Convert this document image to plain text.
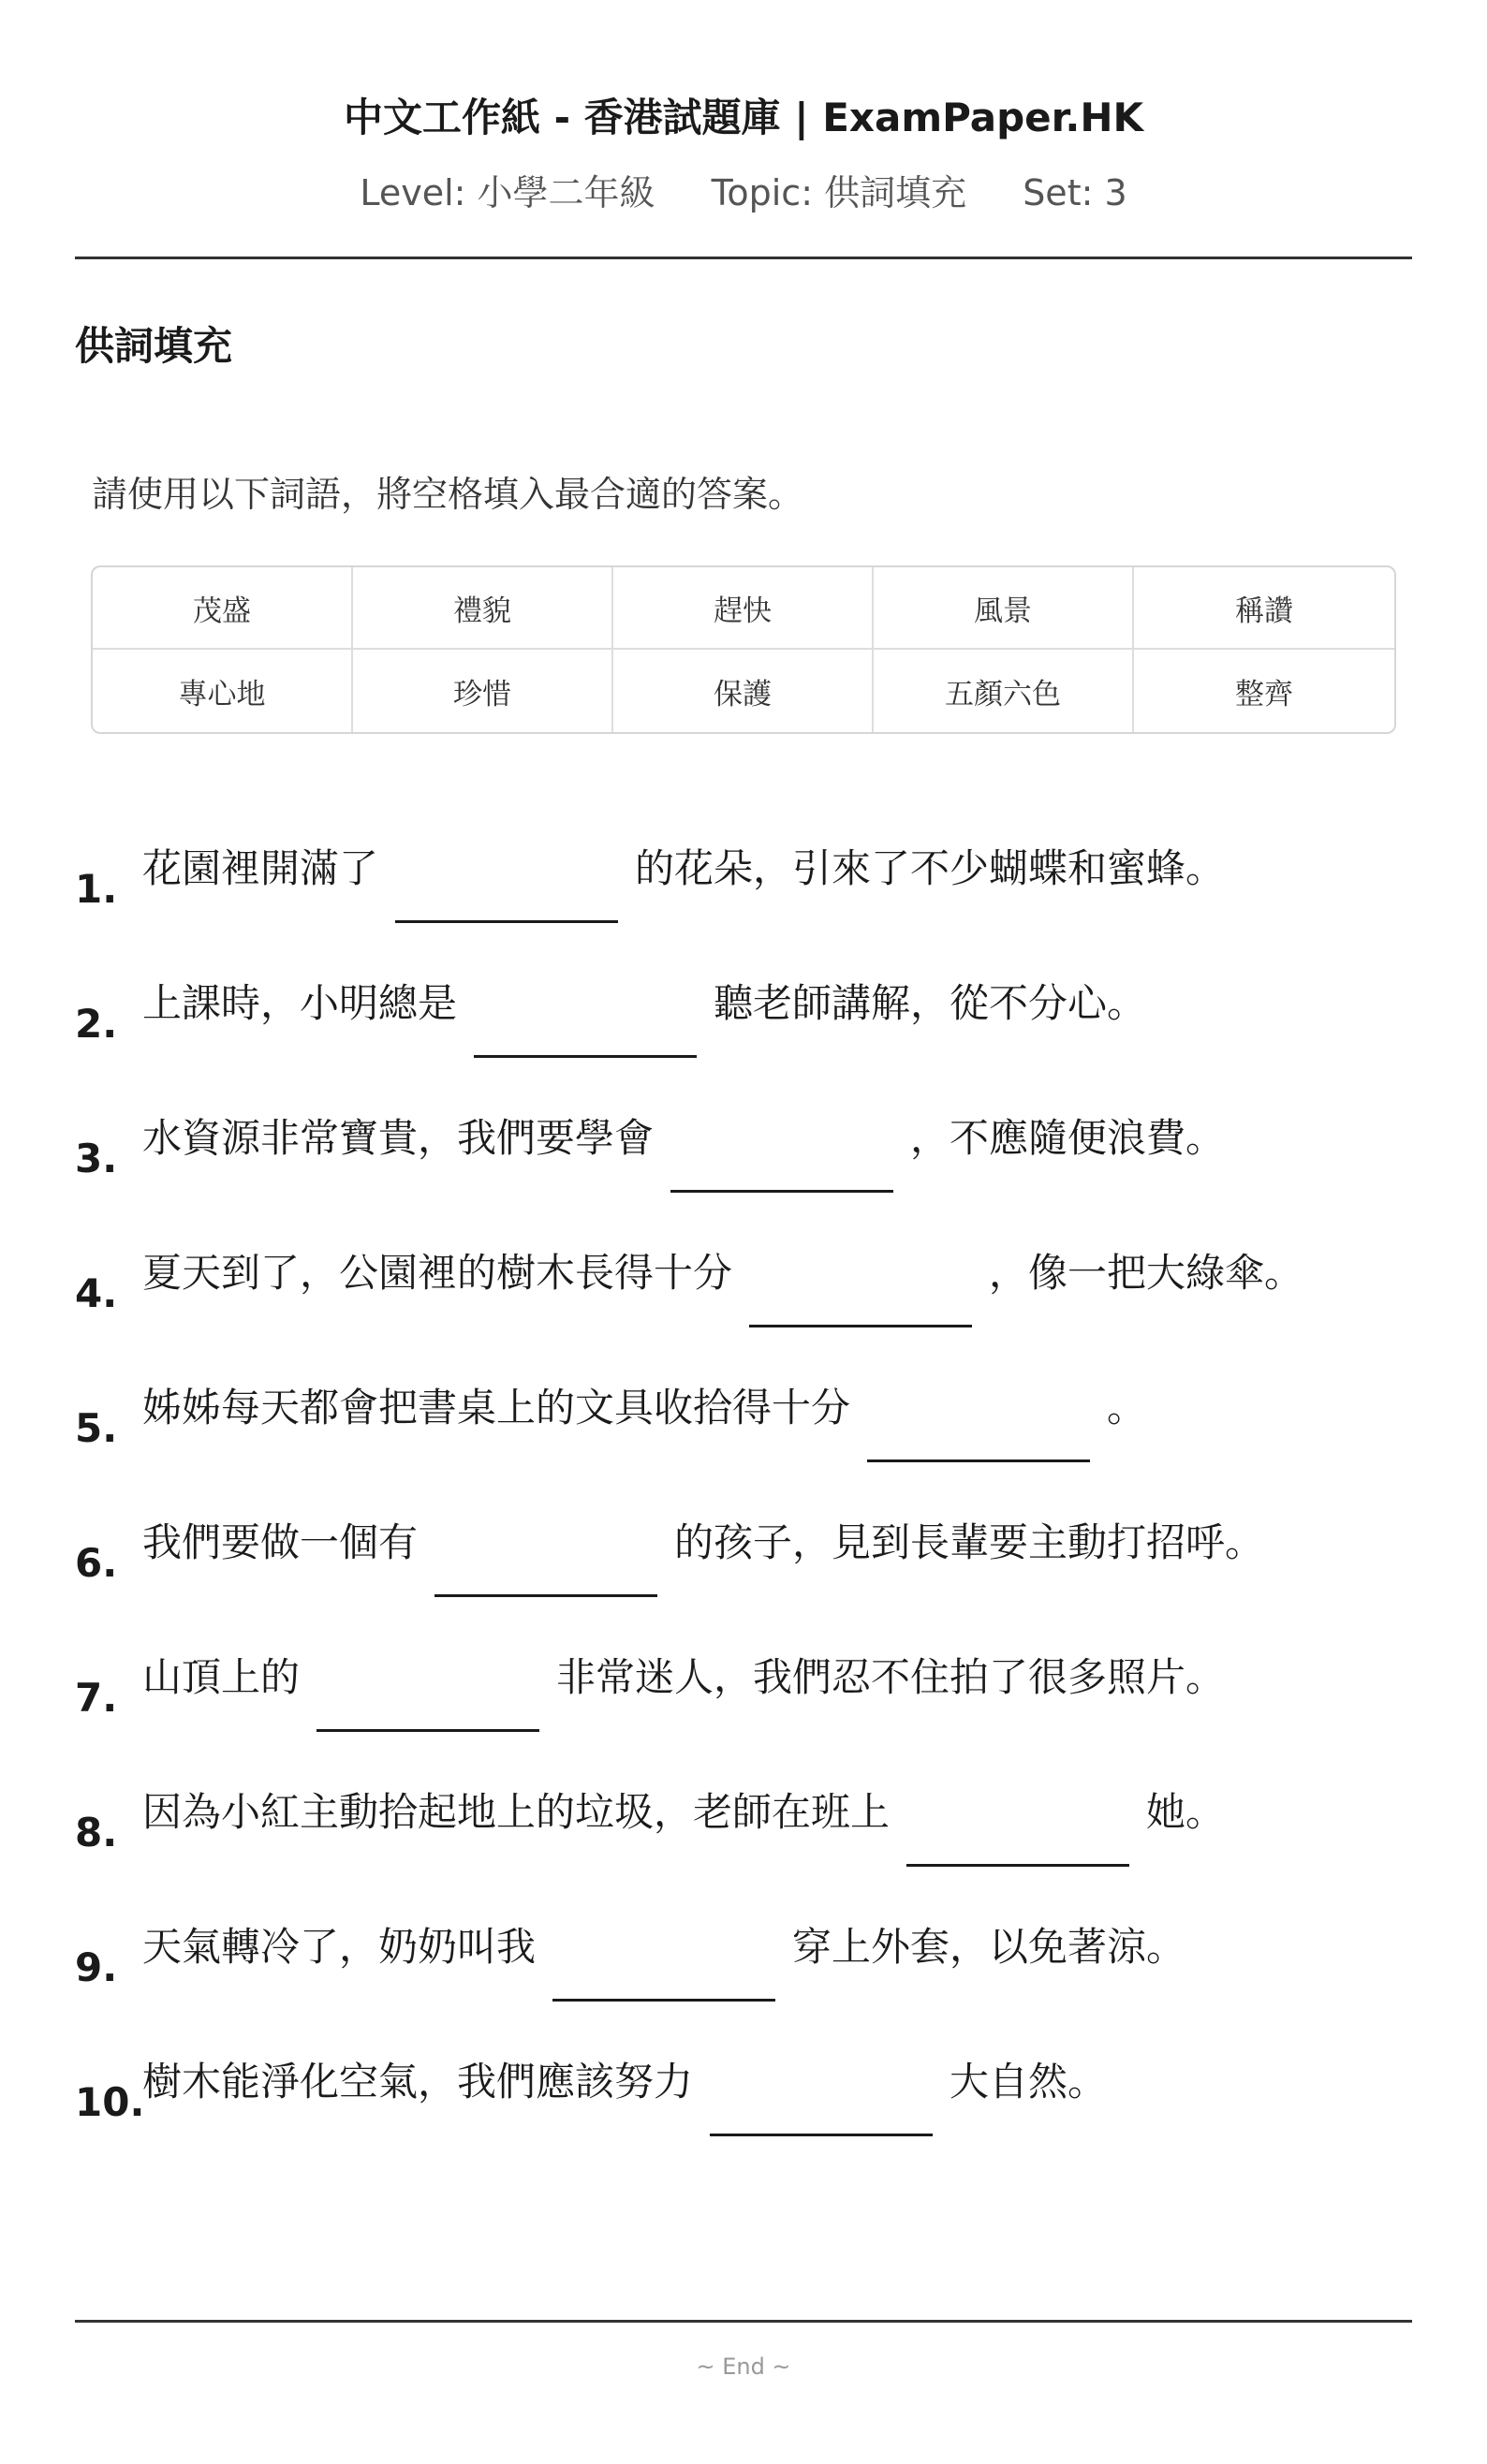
中文工作紙 - 香港試題庫 | ExamPaper.HK
Level: 小學二年級 Topic: 供詞填充 Set: 3
供詞填充
請使用以下詞語，將空格填入最合適的答案。
茂盛	禮貌	趕快	風景	稱讚
專心地	珍惜	保護	五顏六色	整齊
1. 花園裡開滿了	的花朵，引來了不少蝴蝶和蜜蜂。
2. 上課時，小明總是	聽老師講解，從不分心。
3. 水資源非常寶貴，我們要學會	，不應隨便浪費。
4. 夏天到了，公園裡的樹木長得十分	，像一把大綠傘。
5. 姊姊每天都會把書桌上的文具收拾得十分	。
6. 我們要做一個有	的孩子，見到長輩要主動打招呼。
7. 山頂上的	非常迷人，我們忍不住拍了很多照片。
8. 因為小紅主動拾起地上的垃圾，老師在班上	她。
9. 天氣轉冷了，奶奶叫我	穿上外套，以免著涼。
10.
樹木能淨化空氣，我們應該努力	大自然。
~ End ~
